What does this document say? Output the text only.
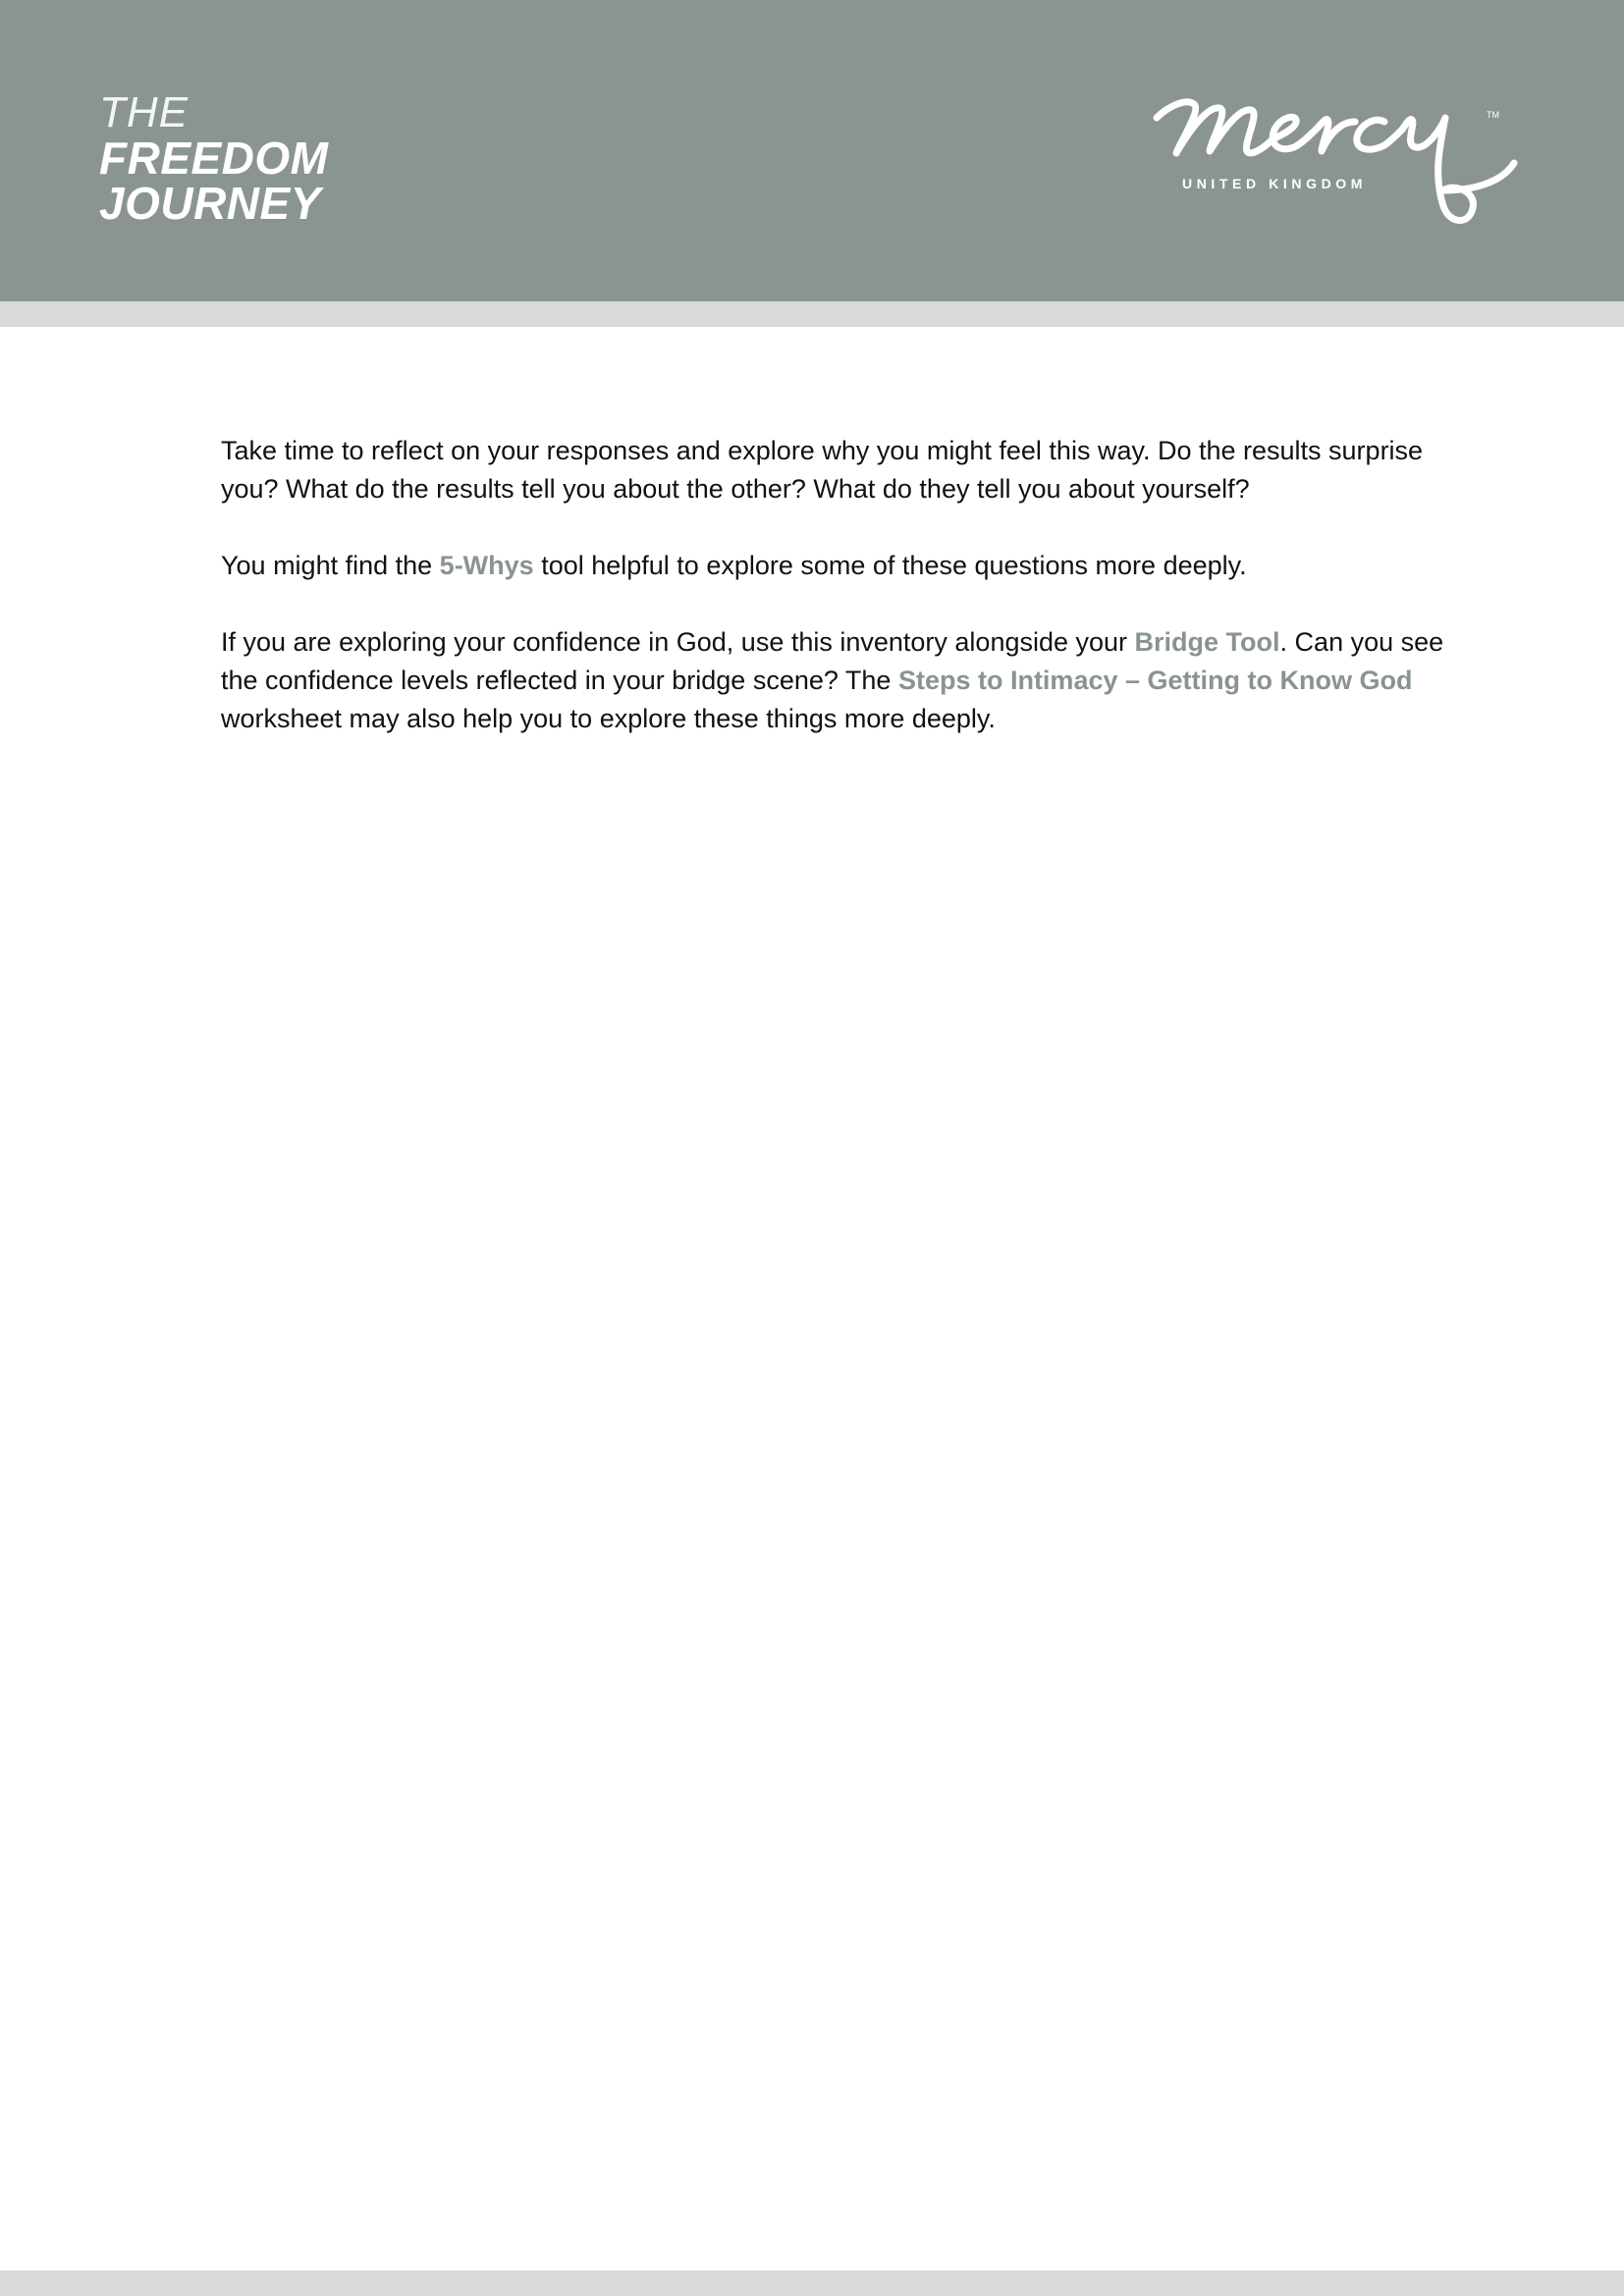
THE
FREEDOM
JOURNEY
TM
UNITED KINGDOM

Take time to reflect on your responses and explore why you might feel this way. Do the results surprise you? What do the results tell you about the other? What do they tell you about yourself?

You might find the 5-Whys tool helpful to explore some of these questions more deeply.

If you are exploring your confidence in God, use this inventory alongside your Bridge Tool. Can you see the confidence levels reflected in your bridge scene? The Steps to Intimacy – Getting to Know God worksheet may also help you to explore these things more deeply.
